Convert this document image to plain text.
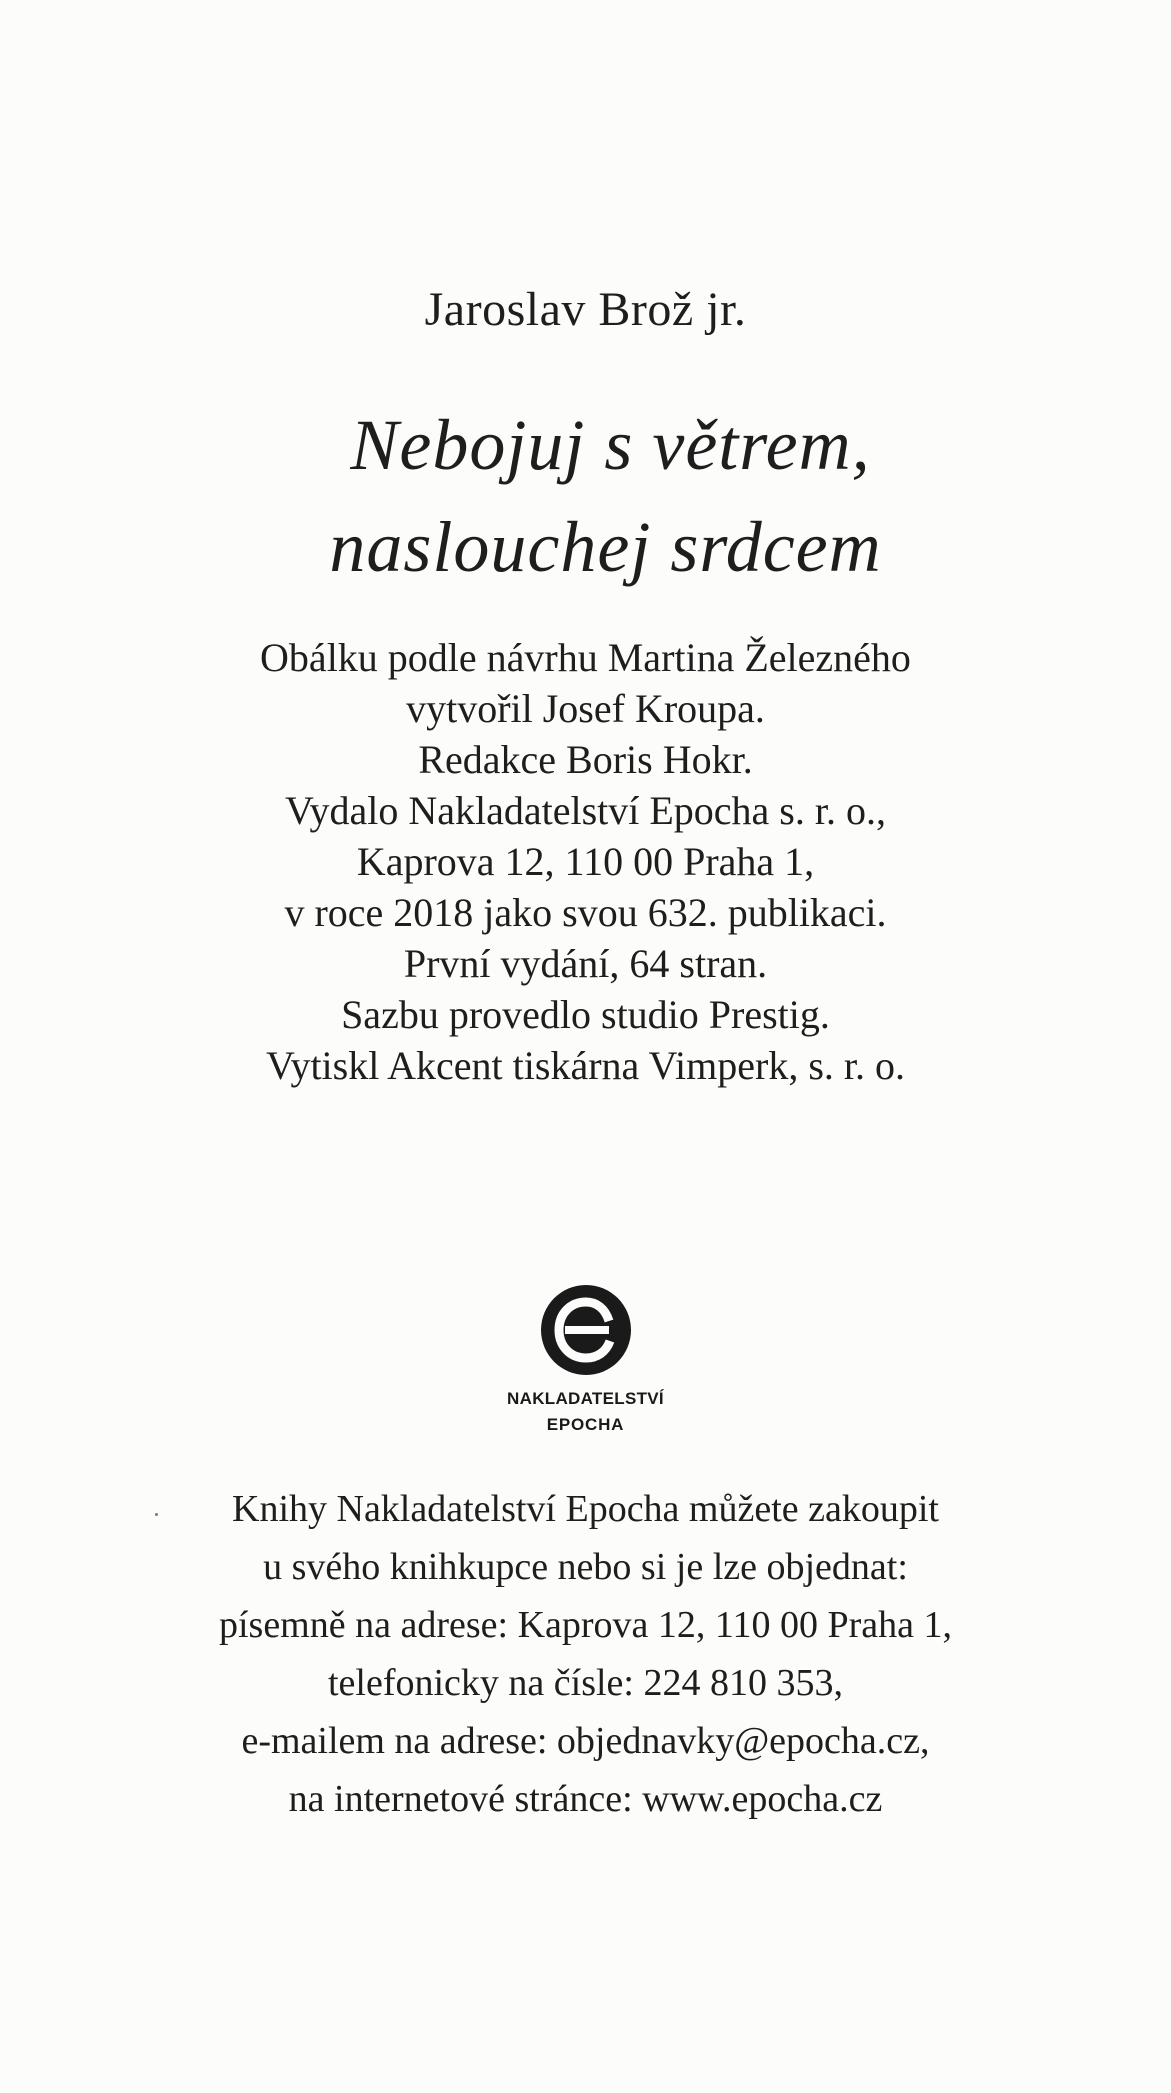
Jaroslav Brož jr.
Nebojuj s větrem,
naslouchej srdcem
Obálku podle návrhu Martina Železného
vytvořil Josef Kroupa.
Redakce Boris Hokr.
Vydalo Nakladatelství Epocha s. r. o.,
Kaprova 12, 110 00 Praha 1,
v roce 2018 jako svou 632. publikaci.
První vydání, 64 stran.
Sazbu provedlo studio Prestig.
Vytiskl Akcent tiskárna Vimperk, s. r. o.
NAKLADATELSTVÍ
EPOCHA
Knihy Nakladatelství Epocha můžete zakoupit
u svého knihkupce nebo si je lze objednat:
písemně na adrese: Kaprova 12, 110 00 Praha 1,
telefonicky na čísle: 224 810 353,
e-mailem na adrese: objednavky@epocha.cz,
na internetové stránce: www.epocha.cz
